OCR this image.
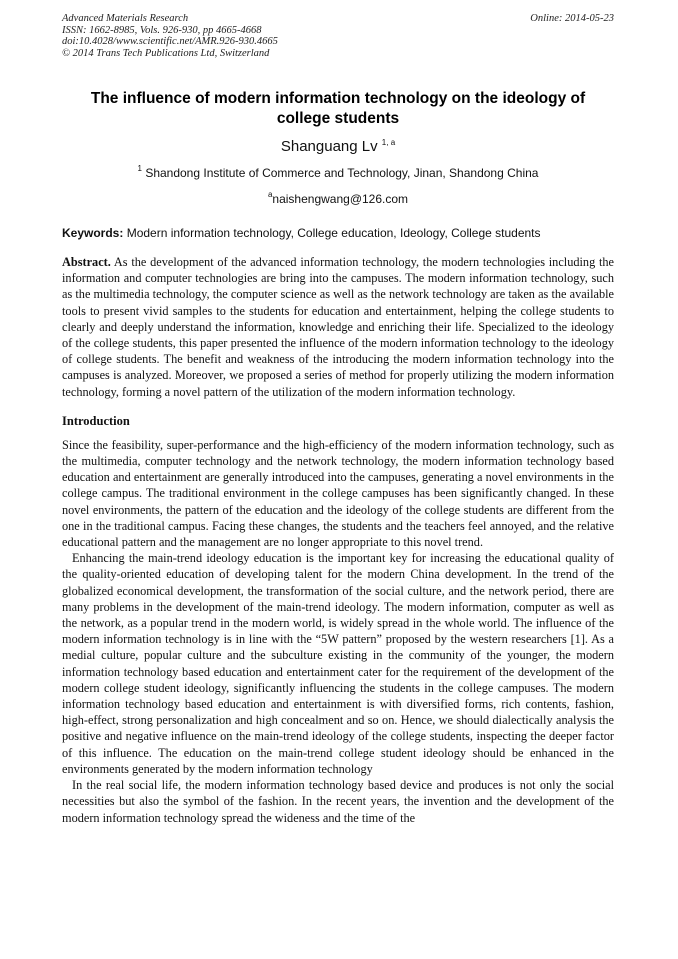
Advanced Materials Research
ISSN: 1662-8985, Vols. 926-930, pp 4665-4668
doi:10.4028/www.scientific.net/AMR.926-930.4665
© 2014 Trans Tech Publications Ltd, Switzerland
Online: 2014-05-23
The influence of modern information technology on the ideology of college students
Shanguang Lv $^{1, a}$
$^1$ Shandong Institute of Commerce and Technology, Jinan, Shandong China
$^a$naishengwang@126.com
Keywords: Modern information technology, College education, Ideology, College students
Abstract. As the development of the advanced information technology, the modern technologies including the information and computer technologies are bring into the campuses. The modern information technology, such as the multimedia technology, the computer science as well as the network technology are taken as the available tools to present vivid samples to the students for education and entertainment, helping the college students to clearly and deeply understand the information, knowledge and enriching their life. Specialized to the ideology of the college students, this paper presented the influence of the modern information technology to the ideology of college students. The benefit and weakness of the introducing the modern information technology into the campuses is analyzed. Moreover, we proposed a series of method for properly utilizing the modern information technology, forming a novel pattern of the utilization of the modern information technology.
Introduction

Since the feasibility, super-performance and the high-efficiency of the modern information technology, such as the multimedia, computer technology and the network technology, the modern information technology based education and entertainment are generally introduced into the campuses, generating a novel environments in the college campus. The traditional environment in the college campuses has been significantly changed. In these novel environments, the pattern of the education and the ideology of the college students are different from the one in the traditional campus. Facing these changes, the students and the teachers feel annoyed, and the relative educational pattern and the management are no longer appropriate to this novel trend.

Enhancing the main-trend ideology education is the important key for increasing the educational quality of the quality-oriented education of developing talent for the modern China development. In the trend of the globalized economical development, the transformation of the social culture, and the network period, there are many problems in the development of the main-trend ideology. The modern information, computer as well as the network, as a popular trend in the modern world, is widely spread in the whole world. The influence of the modern information technology is in line with the “5W pattern” proposed by the western researchers [1]. As a medial culture, popular culture and the subculture existing in the community of the younger, the modern information technology based education and entertainment cater for the requirement of the development of the modern college student ideology, significantly influencing the students in the college campuses. The modern information technology based education and entertainment is with diversified forms, rich contents, fashion, high-effect, strong personalization and high concealment and so on. Hence, we should dialectically analysis the positive and negative influence on the main-trend ideology of the college students, inspecting the deeper factor of this influence. The education on the main-trend college student ideology should be enhanced in the environments generated by the modern information technology

In the real social life, the modern information technology based device and produces is not only the social necessities but also the symbol of the fashion. In the recent years, the invention and the development of the modern information technology spread the wideness and the time of the
